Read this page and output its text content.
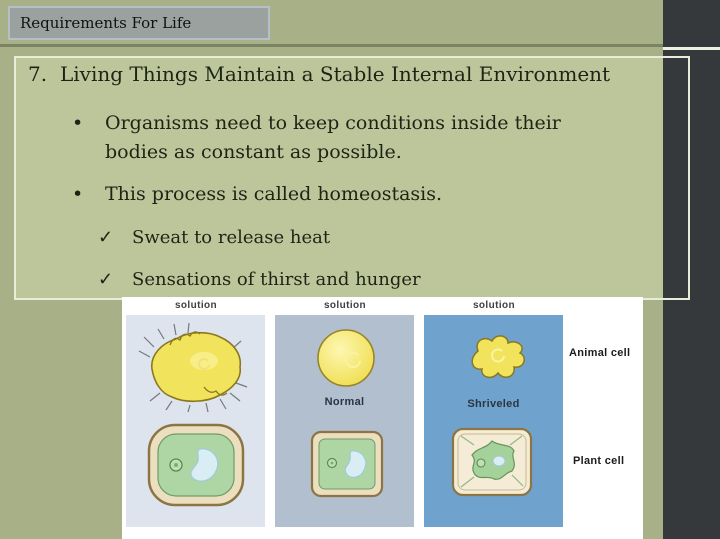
Requirements For Life
7. Living Things Maintain a Stable Internal Environment
•	Organisms need to keep conditions inside their
bodies as constant as possible.
•	This process is called homeostasis.
✓	Sweat to release heat
✓	Sensations of thirst and hunger
solution	solution	solution
Normal	Shriveled
Animal cell
Plant cell
